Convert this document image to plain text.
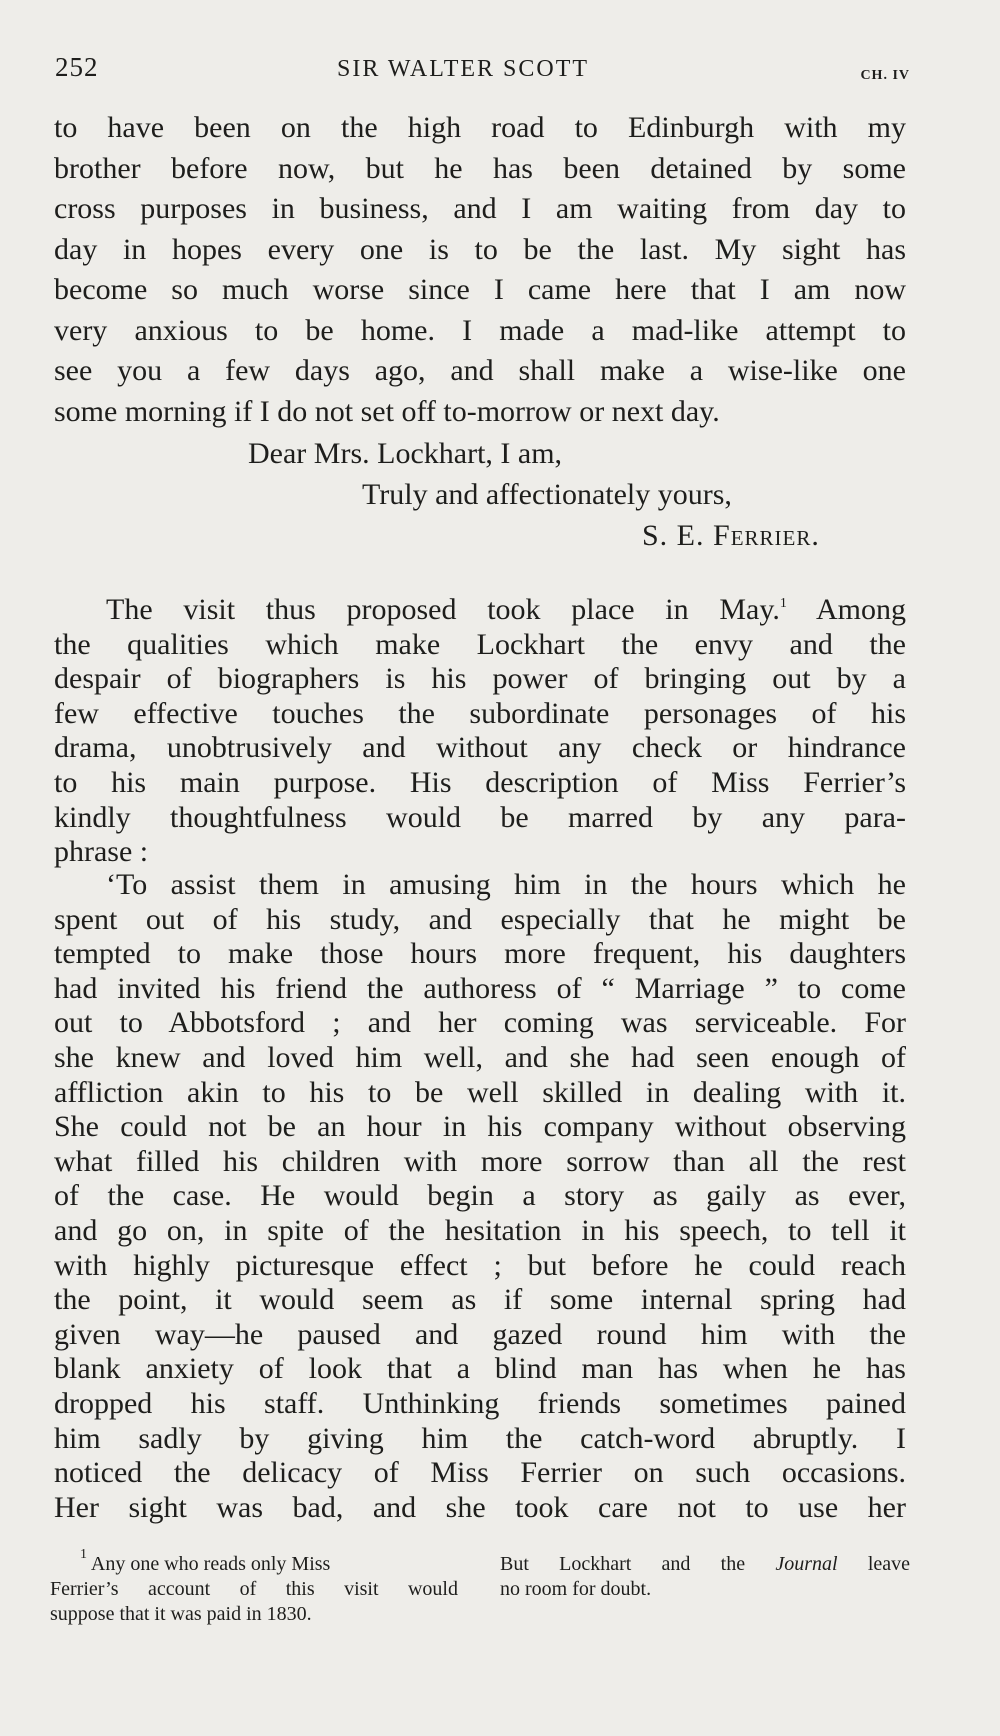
252	SIR WALTER SCOTT	CH. IV
to have been on the high road to Edinburgh with my
brother before now, but he has been detained by some
cross purposes in business, and I am waiting from day to
day in hopes every one is to be the last. My sight has
become so much worse since I came here that I am now
very anxious to be home. I made a mad-like attempt to
see you a few days ago, and shall make a wise-like one
some morning if I do not set off to-morrow or next day.
Dear Mrs. Lockhart, I am,
Truly and affectionately yours,
S. E. Ferrier.
The visit thus proposed took place in May.$^1$ Among
the qualities which make Lockhart the envy and the
despair of biographers is his power of bringing out by a
few effective touches the subordinate personages of his
drama, unobtrusively and without any check or hindrance
to his main purpose. His description of Miss Ferrier’s
kindly thoughtfulness would be marred by any para-
phrase :
‘To assist them in amusing him in the hours which he
spent out of his study, and especially that he might be
tempted to make those hours more frequent, his daughters
had invited his friend the authoress of “ Marriage ” to come
out to Abbotsford ; and her coming was serviceable. For
she knew and loved him well, and she had seen enough of
affliction akin to his to be well skilled in dealing with it.
She could not be an hour in his company without observing
what filled his children with more sorrow than all the rest
of the case. He would begin a story as gaily as ever,
and go on, in spite of the hesitation in his speech, to tell it
with highly picturesque effect ; but before he could reach
the point, it would seem as if some internal spring had
given way—he paused and gazed round him with the
blank anxiety of look that a blind man has when he has
dropped his staff. Unthinking friends sometimes pained
him sadly by giving him the catch-word abruptly. I
noticed the delicacy of Miss Ferrier on such occasions.
Her sight was bad, and she took care not to use her
$^1$ Any one who reads only Miss
Ferrier’s account of this visit would
suppose that it was paid in 1830.
But Lockhart and the Journal leave
no room for doubt.
